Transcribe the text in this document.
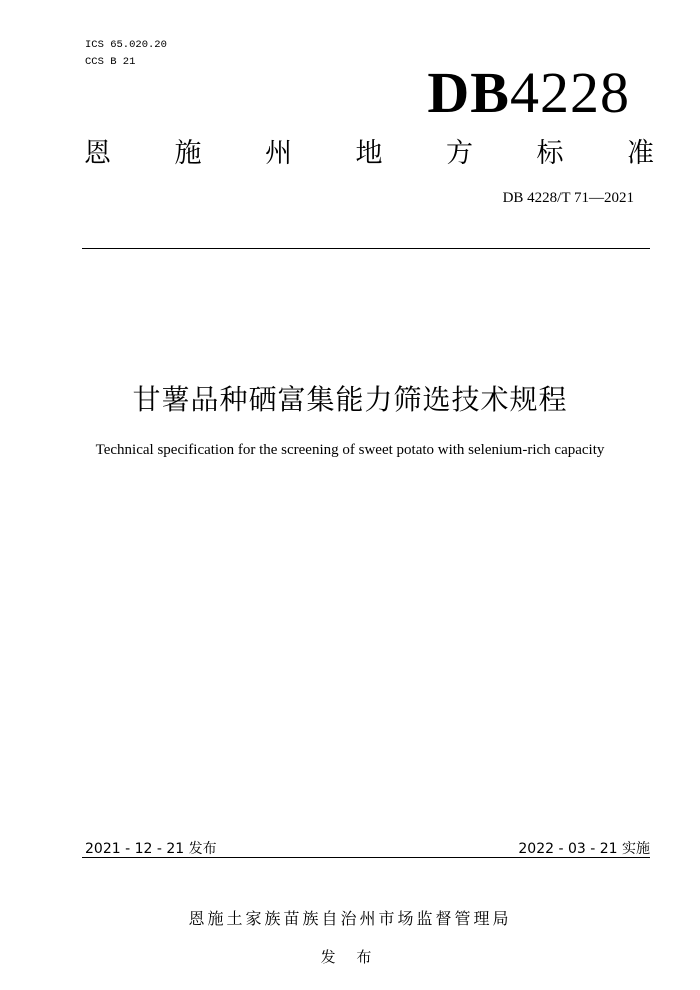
ICS 65.020.20
CCS B 21	DB4228
恩 施 州 地 方 标 准
DB 4228/T 71—2021
甘薯品种硒富集能力筛选技术规程
Technical specification for the screening of sweet potato with selenium-rich capacity
2021 - 12 - 21 发布	2022 - 03 - 21 实施
恩施土家族苗族自治州市场监督管理局
发 布
